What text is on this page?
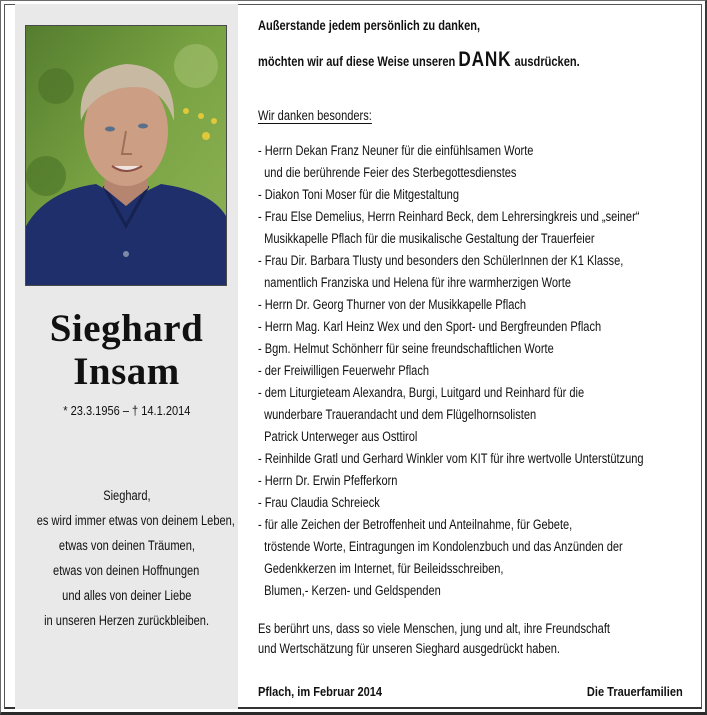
Sieghard
Insam
* 23.3.1956 – † 14.1.2014
Sieghard,
es wird immer etwas von deinem Leben,
etwas von deinen Träumen,
etwas von deinen Hoffnungen
und alles von deiner Liebe
in unseren Herzen zurückbleiben.
Außerstande jedem persönlich zu danken,
möchten wir auf diese Weise unseren DANK ausdrücken.
Wir danken besonders:
- Herrn Dekan Franz Neuner für die einfühlsamen Worte
und die berührende Feier des Sterbegottesdienstes
- Diakon Toni Moser für die Mitgestaltung
- Frau Else Demelius, Herrn Reinhard Beck, dem Lehrersingkreis und „seiner“
Musikkapelle Pflach für die musikalische Gestaltung der Trauerfeier
- Frau Dir. Barbara Tlusty und besonders den SchülerInnen der K1 Klasse,
namentlich Franziska und Helena für ihre warmherzigen Worte
- Herrn Dr. Georg Thurner von der Musikkapelle Pflach
- Herrn Mag. Karl Heinz Wex und den Sport- und Bergfreunden Pflach
- Bgm. Helmut Schönherr für seine freundschaftlichen Worte
- der Freiwilligen Feuerwehr Pflach
- dem Liturgieteam Alexandra, Burgi, Luitgard und Reinhard für die
wunderbare Trauerandacht und dem Flügelhornsolisten
Patrick Unterweger aus Osttirol
- Reinhilde Gratl und Gerhard Winkler vom KIT für ihre wertvolle Unterstützung
- Herrn Dr. Erwin Pfefferkorn
- Frau Claudia Schreieck
- für alle Zeichen der Betroffenheit und Anteilnahme, für Gebete,
tröstende Worte, Eintragungen im Kondolenzbuch und das Anzünden der
Gedenkkerzen im Internet, für Beileidsschreiben,
Blumen,- Kerzen- und Geldspenden
Es berührt uns, dass so viele Menschen, jung und alt, ihre Freundschaft
und Wertschätzung für unseren Sieghard ausgedrückt haben.
Pflach, im Februar 2014	Die Trauerfamilien
